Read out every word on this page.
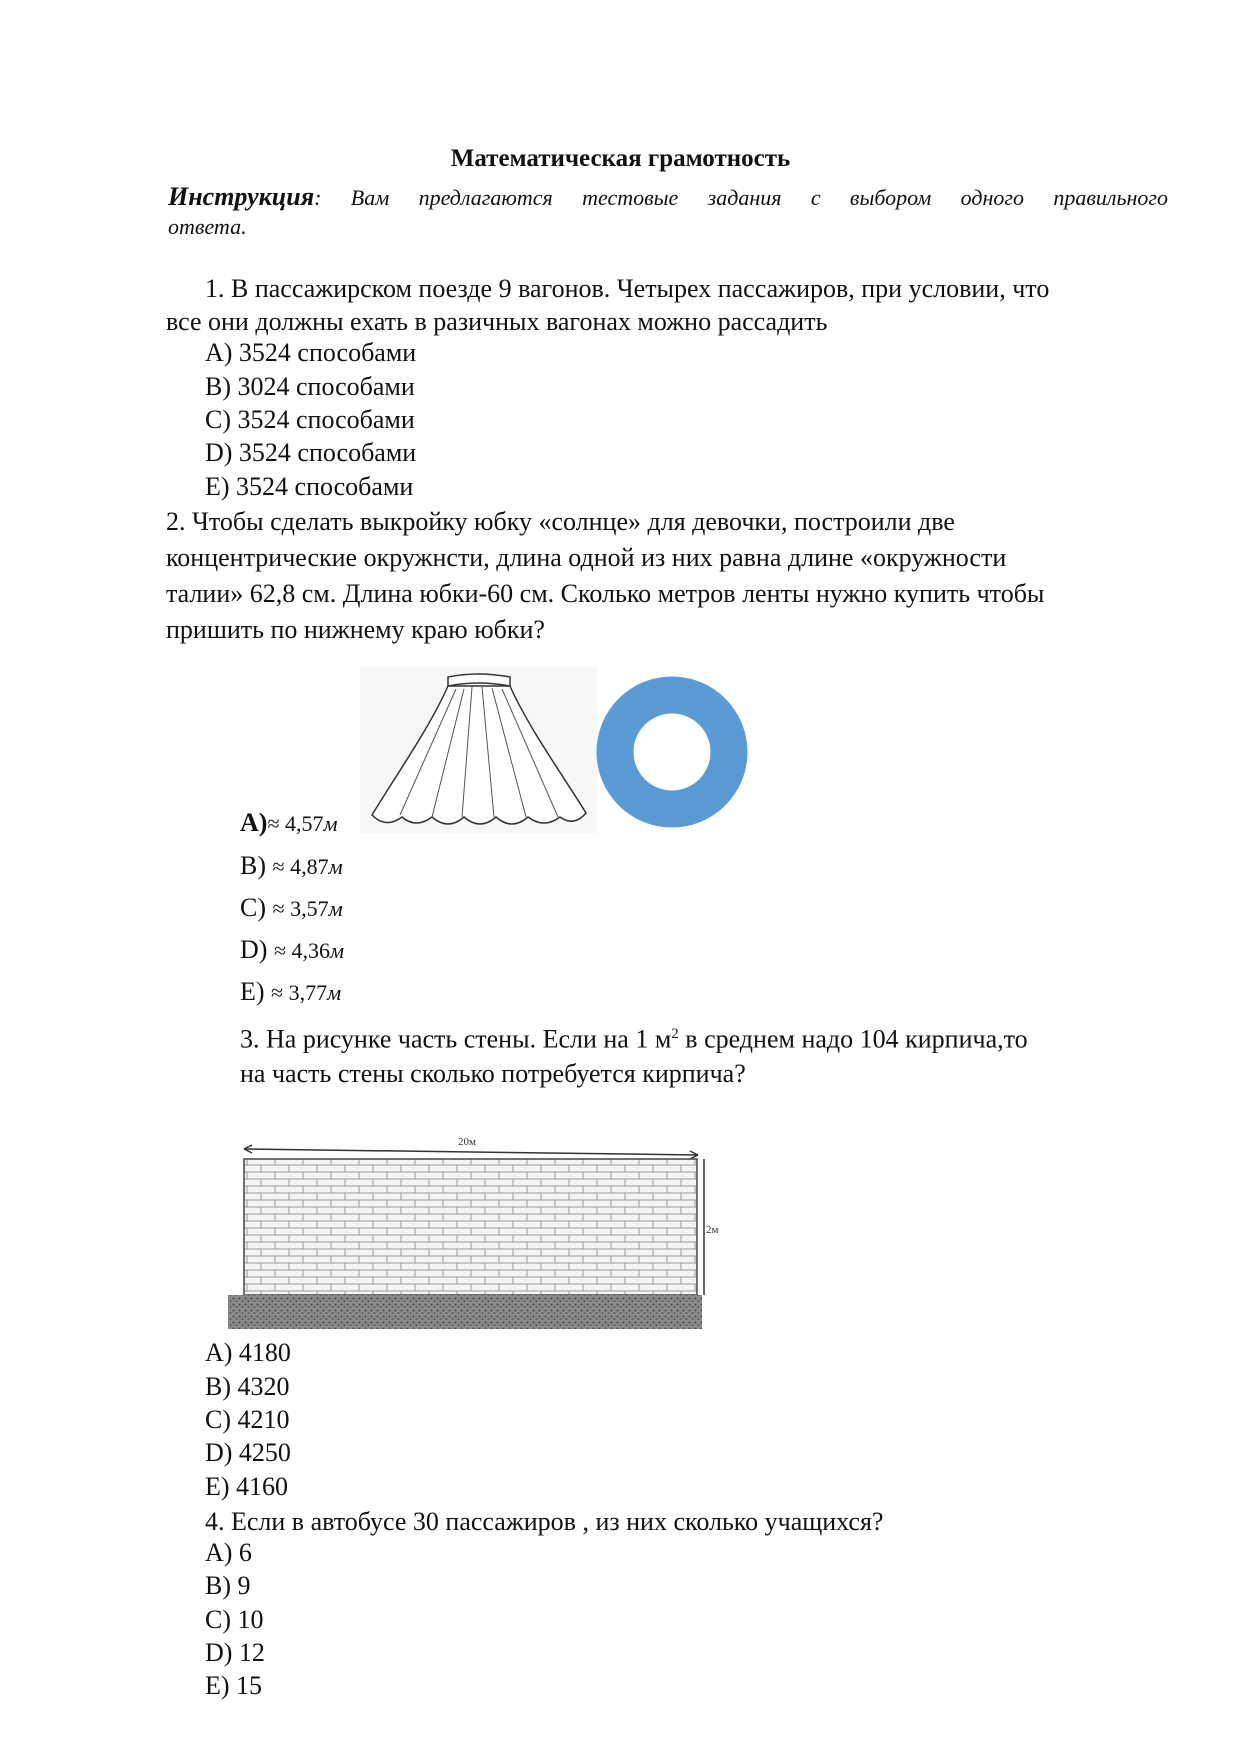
Математическая грамотность
Инструкция: Вам предлагаются тестовые задания с выбором одного правильного
ответа.
1. В пассажирском поезде 9 вагонов. Четырех пассажиров, при условии, что
все они должны ехать в разичных вагонах можно рассадить
A) 3524 способами
B) 3024 способами
C) 3524 способами
D) 3524 способами
E) 3524 способами
2. Чтобы сделать выкройку юбку «солнце» для девочки, построили две
концентрические окружнсти, длина одной из них равна длине «окружности
талии» 62,8 см. Длина юбки-60 см. Сколько метров ленты нужно купить чтобы
пришить по нижнему краю юбки?
A)≈ 4,57м
B) ≈ 4,87м
C) ≈ 3,57м
D) ≈ 4,36м
E) ≈ 3,77м
3. На рисунке часть стены. Если на 1 $м^2$ в среднем надо 104 кирпича,то
на часть стены сколько потребуется кирпича?
20м
2м
A) 4180
B) 4320
C) 4210
D) 4250
E) 4160
4. Если в автобусе 30 пассажиров , из них сколько учащихся?
A) 6
B) 9
C) 10
D) 12
E) 15
